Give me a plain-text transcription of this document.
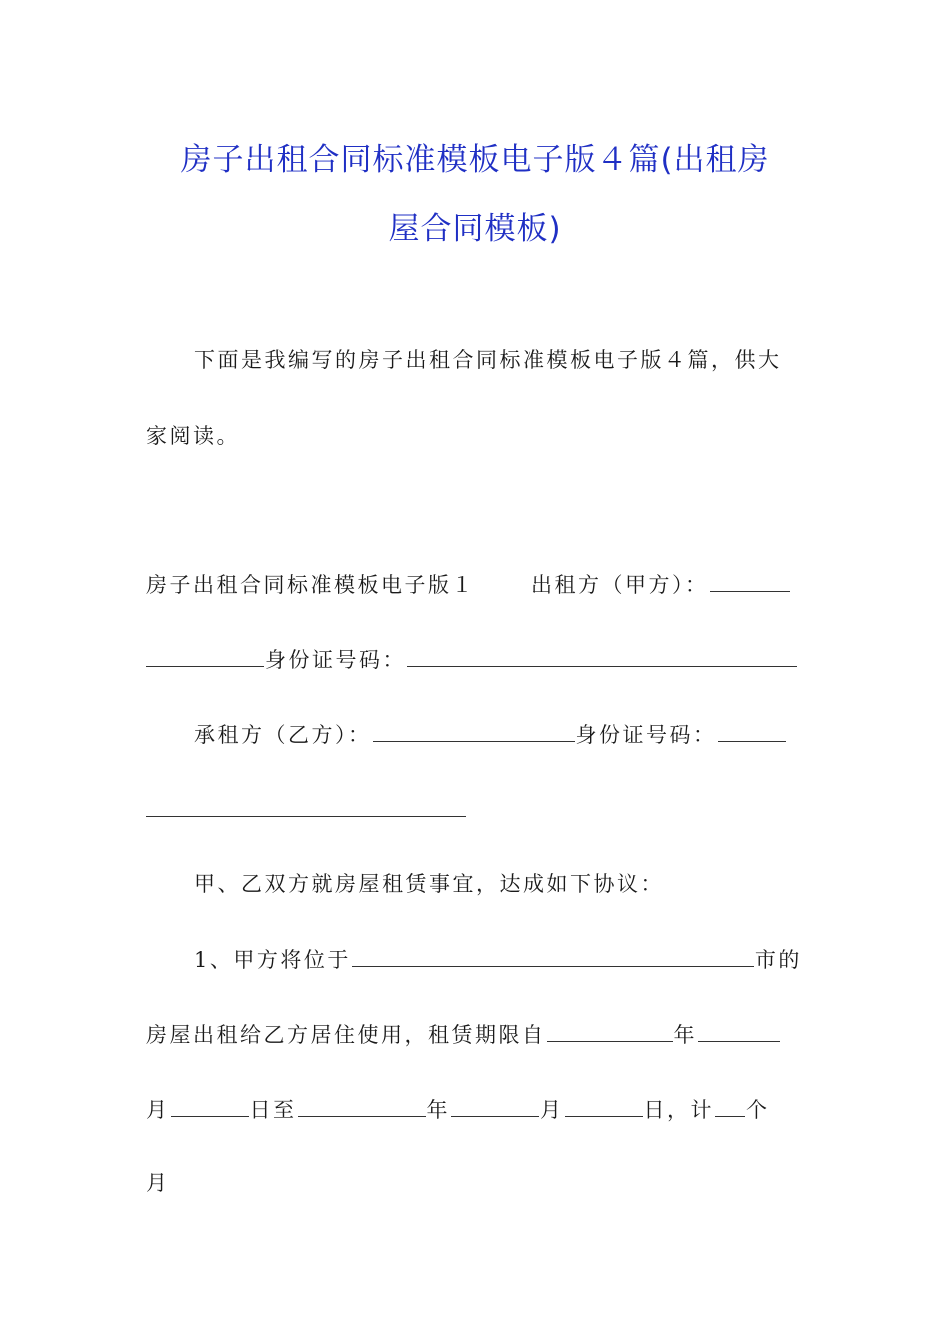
房子出租合同标准模板电子版４篇(出租房
屋合同模板)
下面是我编写的房子出租合同标准模板电子版４篇，供大
家阅读。
房子出租合同标准模板电子版１	出租方（甲方）：
身份证号码：
承租方（乙方）：	身份证号码：
甲、乙双方就房屋租赁事宜，达成如下协议：
1、甲方将位于	市的
房屋出租给乙方居住使用，租赁期限自	年
月	日至	年	月	日，计 个
月
